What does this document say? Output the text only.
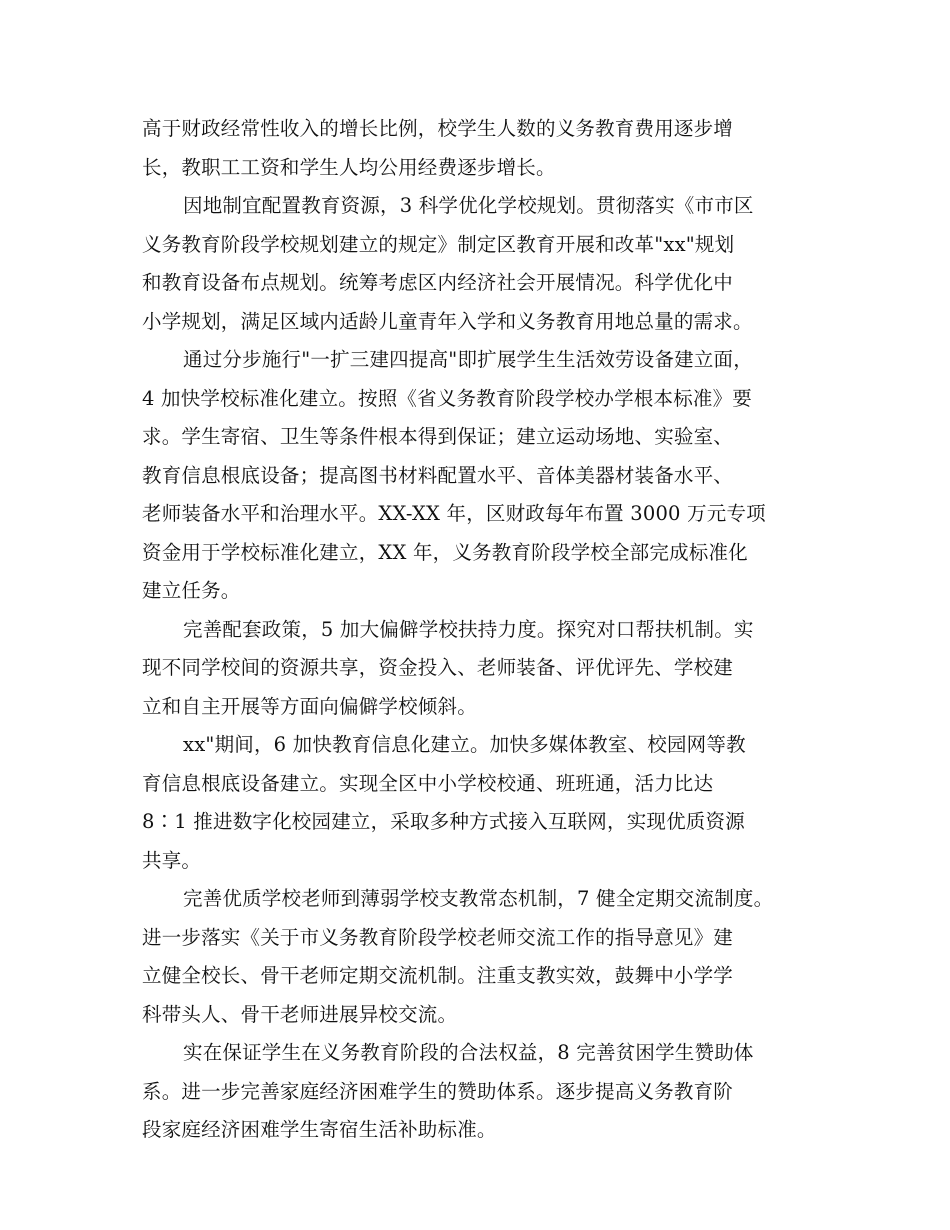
高于财政经常性收入的增长比例，校学生人数的义务教育费用逐步增
长，教职工工资和学生人均公用经费逐步增长。
因地制宜配置教育资源，3 科学优化学校规划。贯彻落实《市市区
义务教育阶段学校规划建立的规定》制定区教育开展和改革"xx"规划
和教育设备布点规划。统筹考虑区内经济社会开展情况。科学优化中
小学规划，满足区域内适龄儿童青年入学和义务教育用地总量的需求。
通过分步施行"一扩三建四提高"即扩展学生生活效劳设备建立面，
4 加快学校标准化建立。按照《省义务教育阶段学校办学根本标准》要
求。学生寄宿、卫生等条件根本得到保证；建立运动场地、实验室、
教育信息根底设备；提高图书材料配置水平、音体美器材装备水平、
老师装备水平和治理水平。XX-XX 年，区财政每年布置 3000 万元专项
资金用于学校标准化建立，XX 年，义务教育阶段学校全部完成标准化
建立任务。
完善配套政策，5 加大偏僻学校扶持力度。探究对口帮扶机制。实
现不同学校间的资源共享，资金投入、老师装备、评优评先、学校建
立和自主开展等方面向偏僻学校倾斜。
xx"期间，6 加快教育信息化建立。加快多媒体教室、校园网等教
育信息根底设备建立。实现全区中小学校校通、班班通，活力比达
8∶1 推进数字化校园建立，采取多种方式接入互联网，实现优质资源
共享。
完善优质学校老师到薄弱学校支教常态机制，7 健全定期交流制度。
进一步落实《关于市义务教育阶段学校老师交流工作的指导意见》建
立健全校长、骨干老师定期交流机制。注重支教实效，鼓舞中小学学
科带头人、骨干老师进展异校交流。
实在保证学生在义务教育阶段的合法权益，8 完善贫困学生赞助体
系。进一步完善家庭经济困难学生的赞助体系。逐步提高义务教育阶
段家庭经济困难学生寄宿生活补助标准。
